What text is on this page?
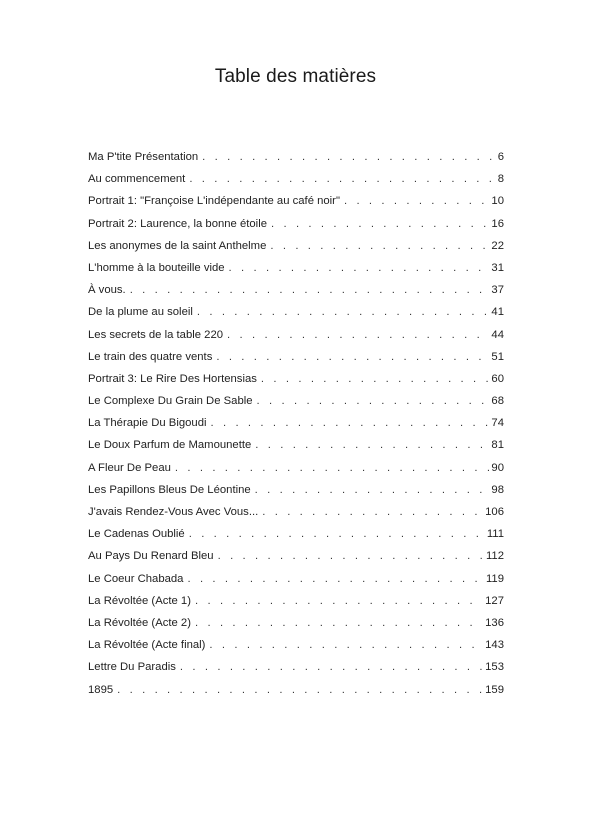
Table des matières
Ma P'tite Présentation . . .	6
Au commencement . . .	8
Portrait 1: "Françoise L'indépendante au café noir" . . .	10
Portrait 2: Laurence, la bonne étoile . . .	16
Les anonymes de la saint Anthelme . . .	22
L'homme à la bouteille vide . . .	31
À vous. . . .	37
De la plume au soleil . . .	41
Les secrets de la table 220 . . .	44
Le train des quatre vents . . .	51
Portrait 3: Le Rire Des Hortensias . . .	60
Le Complexe Du Grain De Sable . . .	68
La Thérapie Du Bigoudi . . .	74
Le Doux Parfum de Mamounette . . .	81
A Fleur De Peau . . .	90
Les Papillons Bleus De Léontine . . .	98
J'avais Rendez-Vous Avec Vous... . . .	106
Le Cadenas Oublié . . .	111
Au Pays Du Renard Bleu . . .	112
Le Coeur Chabada . . .	119
La Révoltée (Acte 1) . . .	127
La Révoltée (Acte 2) . . .	136
La Révoltée (Acte final) . . .	143
Lettre Du Paradis . . .	153
1895 . . .	159
